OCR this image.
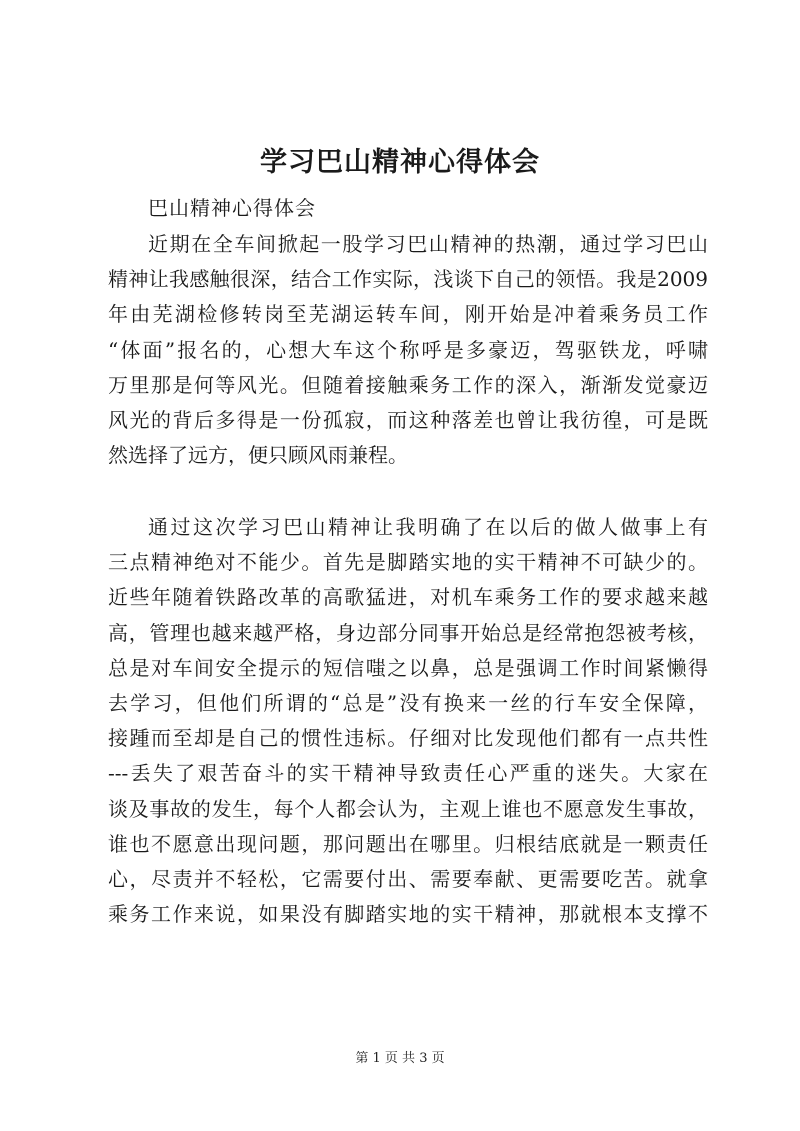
学习巴山精神心得体会
巴山精神心得体会
近期在全车间掀起一股学习巴山精神的热潮，通过学习巴山
精神让我感触很深，结合工作实际，浅谈下自己的领悟。我是2009
年由芜湖检修转岗至芜湖运转车间，刚开始是冲着乘务员工作
“体面”报名的，心想大车这个称呼是多豪迈，驾驱铁龙，呼啸
万里那是何等风光。但随着接触乘务工作的深入，渐渐发觉豪迈
风光的背后多得是一份孤寂，而这种落差也曾让我彷徨，可是既
然选择了远方，便只顾风雨兼程。
通过这次学习巴山精神让我明确了在以后的做人做事上有
三点精神绝对不能少。首先是脚踏实地的实干精神不可缺少的。
近些年随着铁路改革的高歌猛进，对机车乘务工作的要求越来越
高，管理也越来越严格，身边部分同事开始总是经常抱怨被考核，
总是对车间安全提示的短信嗤之以鼻，总是强调工作时间紧懒得
去学习，但他们所谓的“总是”没有换来一丝的行车安全保障，
接踵而至却是自己的惯性违标。仔细对比发现他们都有一点共性
---丢失了艰苦奋斗的实干精神导致责任心严重的迷失。大家在
谈及事故的发生，每个人都会认为，主观上谁也不愿意发生事故，
谁也不愿意出现问题，那问题出在哪里。归根结底就是一颗责任
心，尽责并不轻松，它需要付出、需要奉献、更需要吃苦。就拿
乘务工作来说，如果没有脚踏实地的实干精神，那就根本支撑不
第 1 页 共 3 页
